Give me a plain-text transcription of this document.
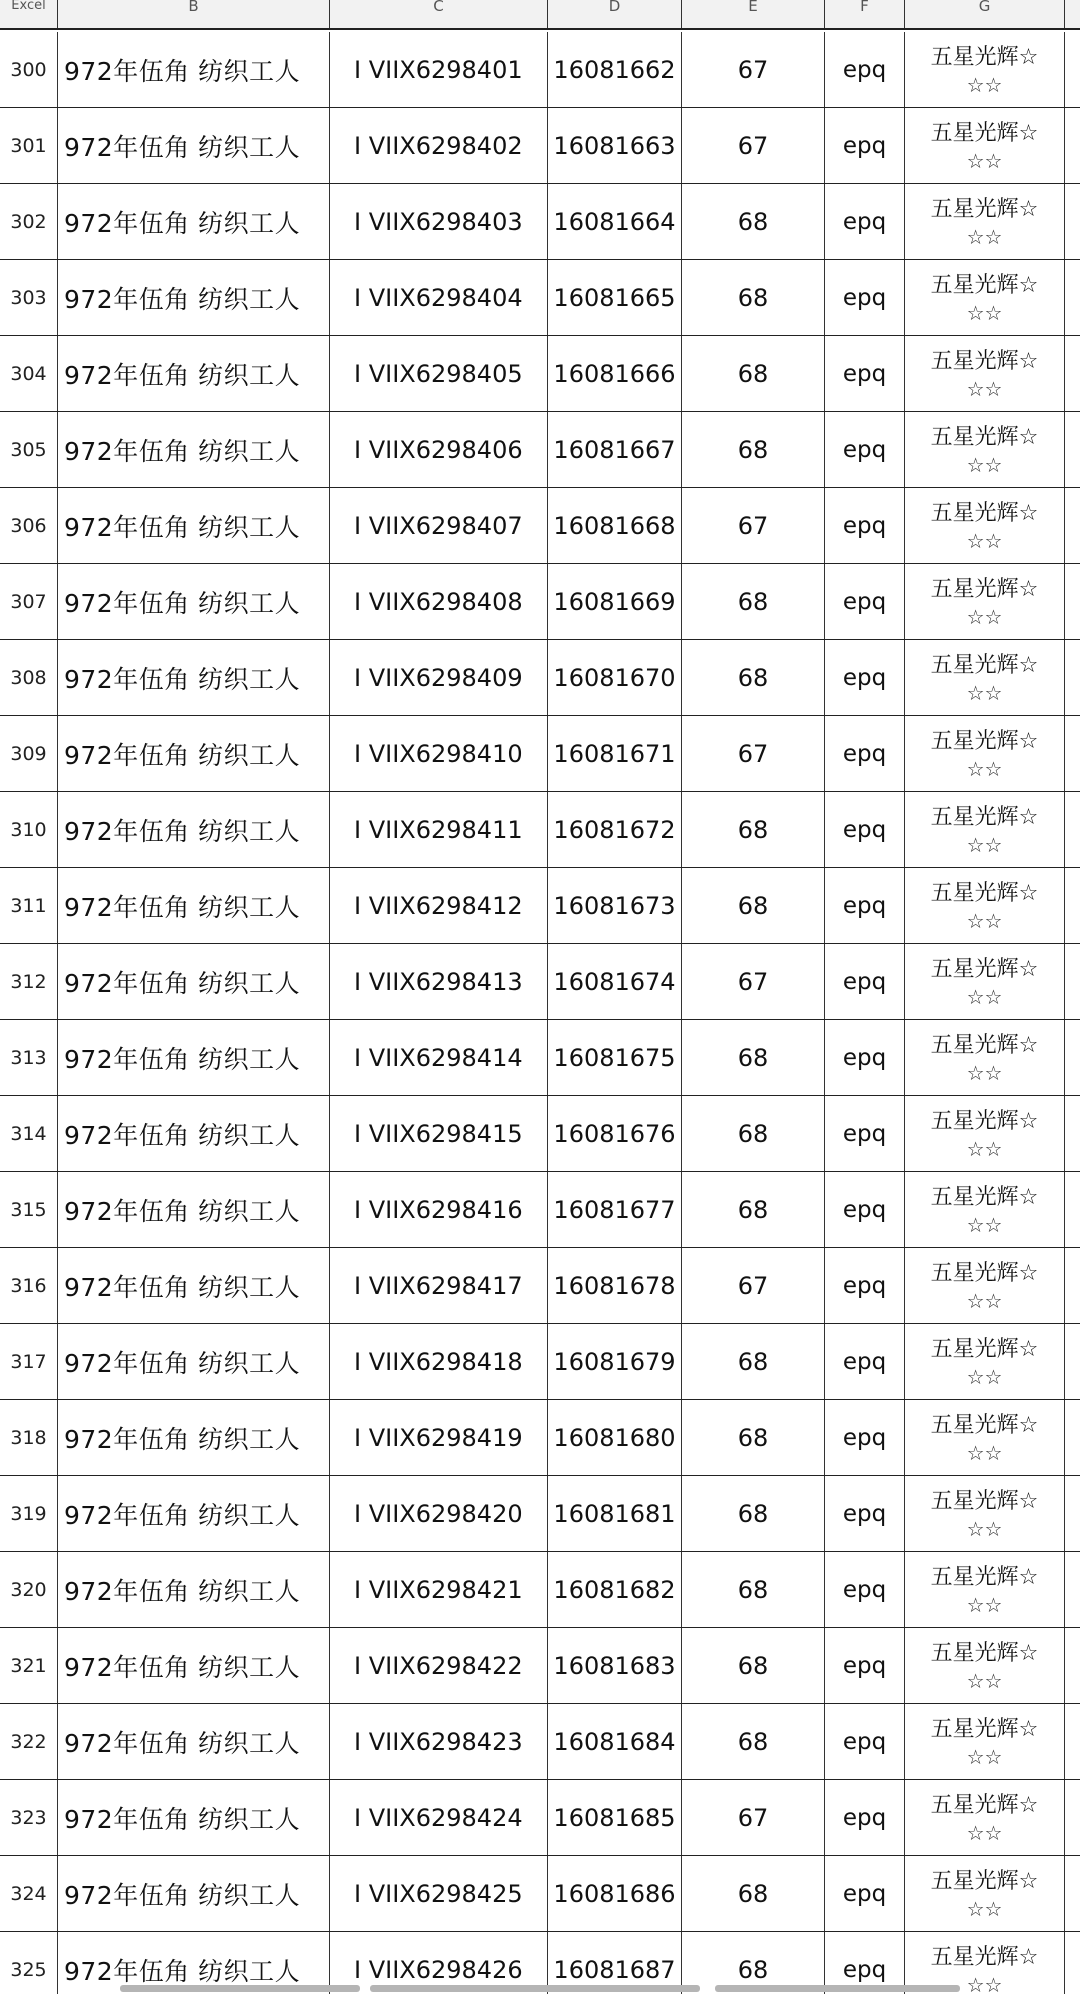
Excel	B	C	D	E	F	G
300 972年伍角 纺织工人	I VIIX6298401	16081662	67	epq	五星光辉☆
☆☆
301 972年伍角 纺织工人	I VIIX6298402	16081663	67	epq	五星光辉☆
☆☆
302 972年伍角 纺织工人	I VIIX6298403	16081664	68	epq	五星光辉☆
☆☆
303 972年伍角 纺织工人	I VIIX6298404	16081665	68	epq	五星光辉☆
☆☆
304 972年伍角 纺织工人	I VIIX6298405	16081666	68	epq	五星光辉☆
☆☆
305 972年伍角 纺织工人	I VIIX6298406	16081667	68	epq	五星光辉☆
☆☆
306 972年伍角 纺织工人	I VIIX6298407	16081668	67	epq	五星光辉☆
☆☆
307 972年伍角 纺织工人	I VIIX6298408	16081669	68	epq	五星光辉☆
☆☆
308 972年伍角 纺织工人	I VIIX6298409	16081670	68	epq	五星光辉☆
☆☆
309 972年伍角 纺织工人	I VIIX6298410	16081671	67	epq	五星光辉☆
☆☆
310 972年伍角 纺织工人	I VIIX6298411	16081672	68	epq	五星光辉☆
☆☆
311 972年伍角 纺织工人	I VIIX6298412	16081673	68	epq	五星光辉☆
☆☆
312 972年伍角 纺织工人	I VIIX6298413	16081674	67	epq	五星光辉☆
☆☆
313 972年伍角 纺织工人	I VIIX6298414	16081675	68	epq	五星光辉☆
☆☆
314 972年伍角 纺织工人	I VIIX6298415	16081676	68	epq	五星光辉☆
☆☆
315 972年伍角 纺织工人	I VIIX6298416	16081677	68	epq	五星光辉☆
☆☆
316 972年伍角 纺织工人	I VIIX6298417	16081678	67	epq	五星光辉☆
☆☆
317 972年伍角 纺织工人	I VIIX6298418	16081679	68	epq	五星光辉☆
☆☆
318 972年伍角 纺织工人	I VIIX6298419	16081680	68	epq	五星光辉☆
☆☆
319 972年伍角 纺织工人	I VIIX6298420	16081681	68	epq	五星光辉☆
☆☆
320 972年伍角 纺织工人	I VIIX6298421	16081682	68	epq	五星光辉☆
☆☆
321 972年伍角 纺织工人	I VIIX6298422	16081683	68	epq	五星光辉☆
☆☆
322 972年伍角 纺织工人	I VIIX6298423	16081684	68	epq	五星光辉☆
☆☆
323 972年伍角 纺织工人	I VIIX6298424	16081685	67	epq	五星光辉☆
☆☆
324 972年伍角 纺织工人	I VIIX6298425	16081686	68	epq	五星光辉☆
☆☆
325 972年伍角 纺织工人	I VIIX6298426	16081687	68	epq	五星光辉☆
☆☆
